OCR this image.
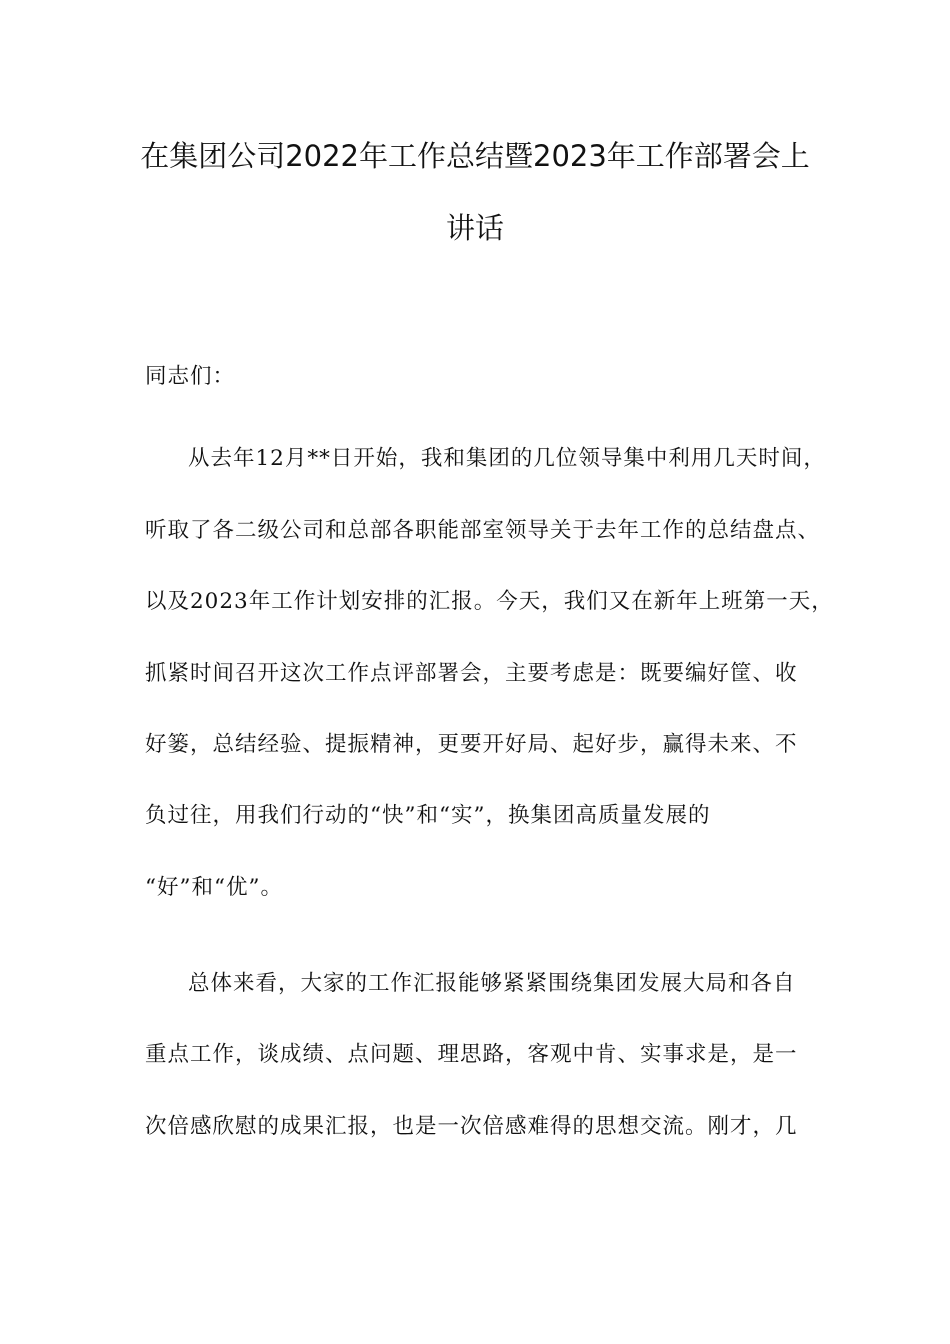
在集团公司2022年工作总结暨2023年工作部署会上
讲话
同志们：
从去年12月**日开始，我和集团的几位领导集中利用几天时间，
听取了各二级公司和总部各职能部室领导关于去年工作的总结盘点、
以及2023年工作计划安排的汇报。今天，我们又在新年上班第一天，
抓紧时间召开这次工作点评部署会，主要考虑是：既要编好筐、收
好篓，总结经验、提振精神，更要开好局、起好步，赢得未来、不
负过往，用我们行动的“快”和“实”，换集团高质量发展的
“好”和“优”。
总体来看，大家的工作汇报能够紧紧围绕集团发展大局和各自
重点工作，谈成绩、点问题、理思路，客观中肯、实事求是，是一
次倍感欣慰的成果汇报，也是一次倍感难得的思想交流。刚才，几
